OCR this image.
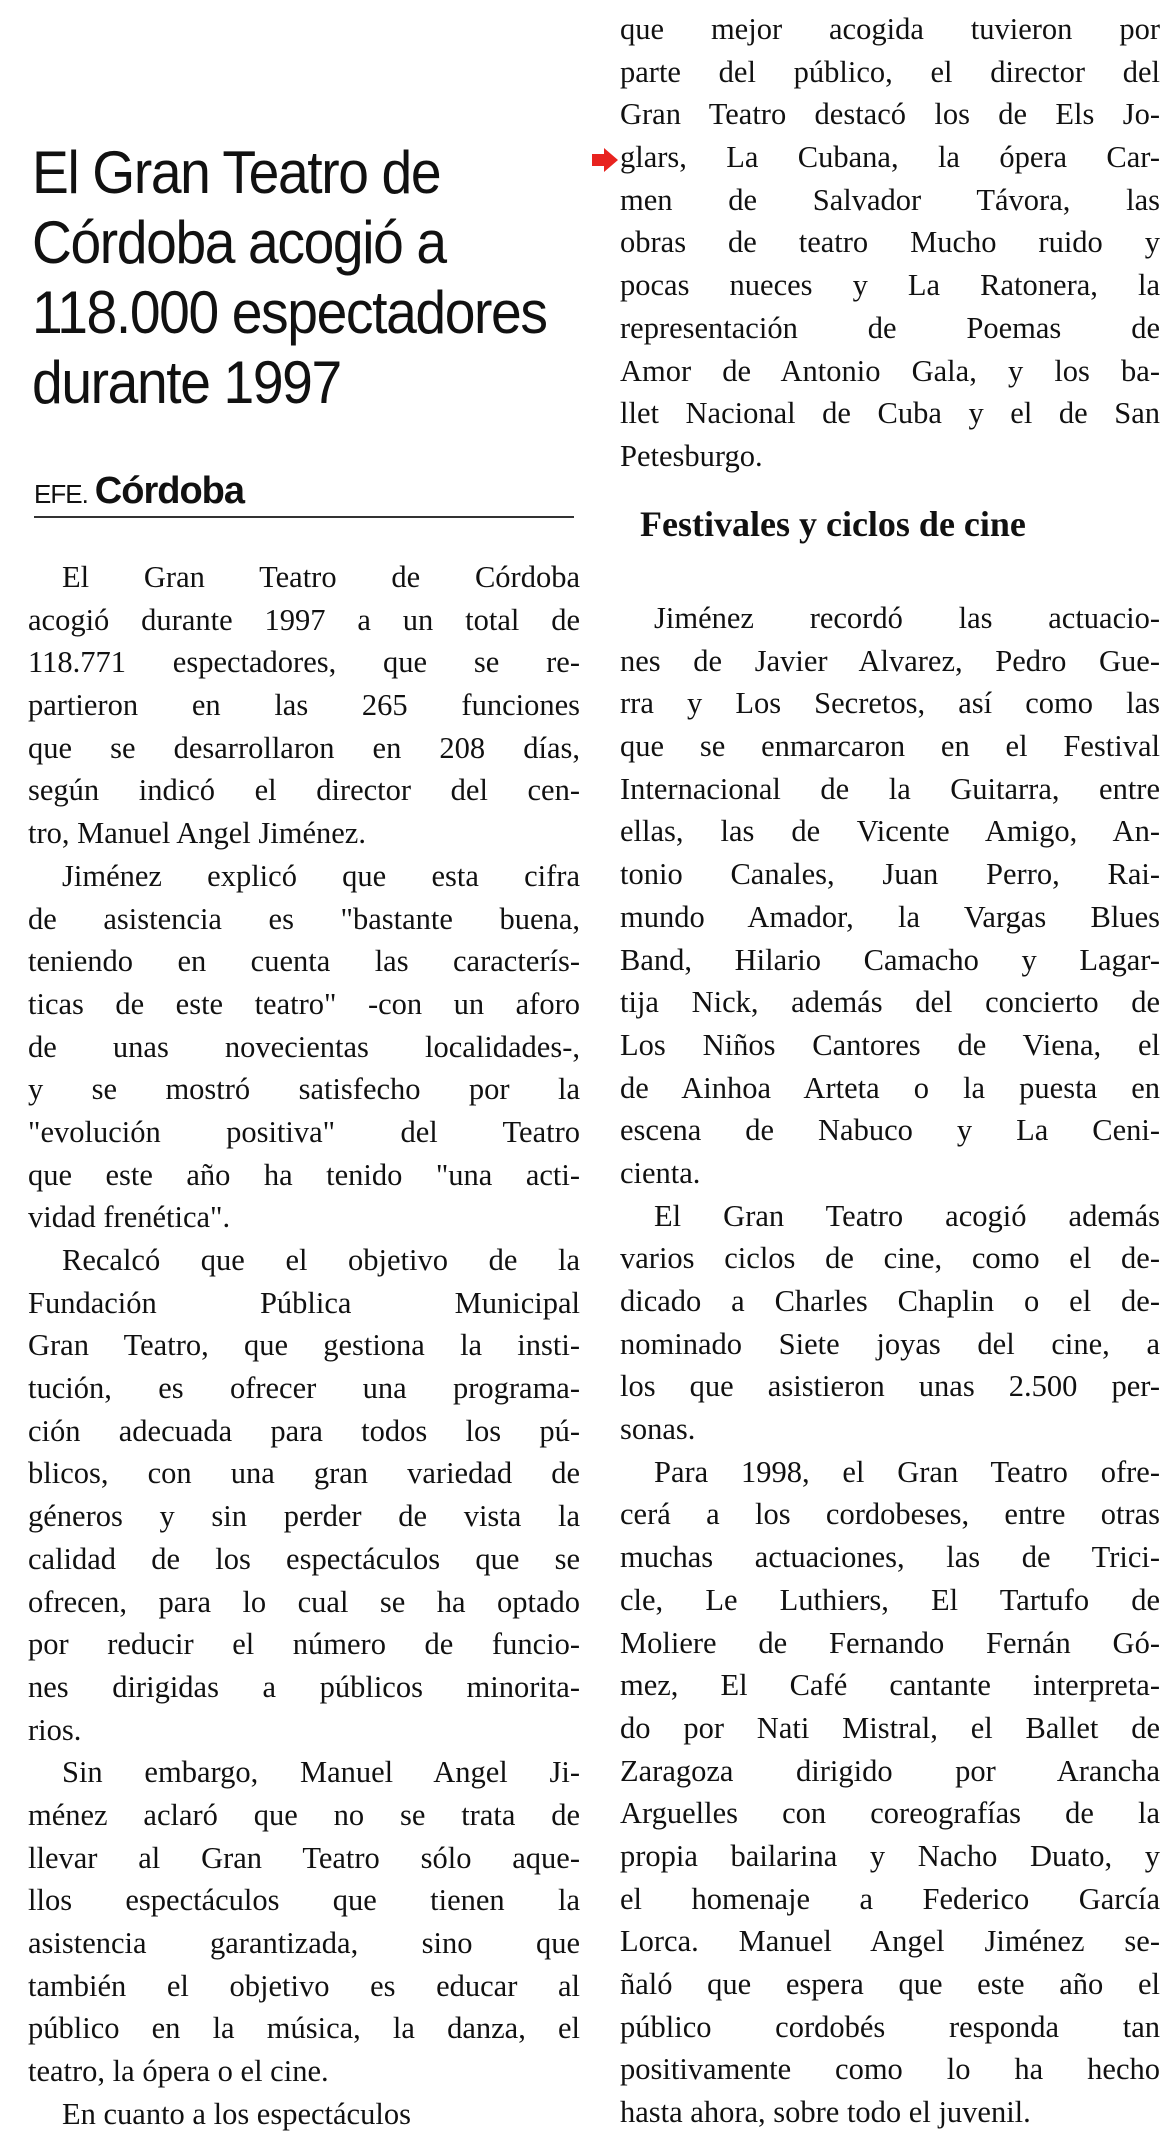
El Gran Teatro de
Córdoba acogió a
118.000 espectadores
durante 1997
EFE. Córdoba

El Gran Teatro de Córdoba
acogió durante 1997 a un total de
118.771 espectadores, que se re-
partieron en las 265 funciones
que se desarrollaron en 208 días,
según indicó el director del cen-
tro, Manuel Angel Jiménez.

Jiménez explicó que esta cifra
de asistencia es "bastante buena,
teniendo en cuenta las caracterís-
ticas de este teatro" -con un aforo
de unas novecientas localidades-,
y se mostró satisfecho por la
"evolución positiva" del Teatro
que este año ha tenido "una acti-
vidad frenética".

Recalcó que el objetivo de la
Fundación Pública Municipal
Gran Teatro, que gestiona la insti-
tución, es ofrecer una programa-
ción adecuada para todos los pú-
blicos, con una gran variedad de
géneros y sin perder de vista la
calidad de los espectáculos que se
ofrecen, para lo cual se ha optado
por reducir el número de funcio-
nes dirigidas a públicos minorita-
rios.

Sin embargo, Manuel Angel Ji-
ménez aclaró que no se trata de
llevar al Gran Teatro sólo aque-
llos espectáculos que tienen la
asistencia garantizada, sino que
también el objetivo es educar al
público en la música, la danza, el
teatro, la ópera o el cine.

En cuanto a los espectáculos

que mejor acogida tuvieron por
parte del público, el director del
Gran Teatro destacó los de Els Jo-
glars, La Cubana, la ópera Car-
men de Salvador Távora, las
obras de teatro Mucho ruido y
pocas nueces y La Ratonera, la
representación de Poemas de
Amor de Antonio Gala, y los ba-
llet Nacional de Cuba y el de San
Petesburgo.

Festivales y ciclos de cine

Jiménez recordó las actuacio-
nes de Javier Alvarez, Pedro Gue-
rra y Los Secretos, así como las
que se enmarcaron en el Festival
Internacional de la Guitarra, entre
ellas, las de Vicente Amigo, An-
tonio Canales, Juan Perro, Rai-
mundo Amador, la Vargas Blues
Band, Hilario Camacho y Lagar-
tija Nick, además del concierto de
Los Niños Cantores de Viena, el
de Ainhoa Arteta o la puesta en
escena de Nabuco y La Ceni-
cienta.

El Gran Teatro acogió además
varios ciclos de cine, como el de-
dicado a Charles Chaplin o el de-
nominado Siete joyas del cine, a
los que asistieron unas 2.500 per-
sonas.

Para 1998, el Gran Teatro ofre-
cerá a los cordobeses, entre otras
muchas actuaciones, las de Trici-
cle, Le Luthiers, El Tartufo de
Moliere de Fernando Fernán Gó-
mez, El Café cantante interpreta-
do por Nati Mistral, el Ballet de
Zaragoza dirigido por Arancha
Arguelles con coreografías de la
propia bailarina y Nacho Duato, y
el homenaje a Federico García
Lorca. Manuel Angel Jiménez se-
ñaló que espera que este año el
público cordobés responda tan
positivamente como lo ha hecho
hasta ahora, sobre todo el juvenil.
